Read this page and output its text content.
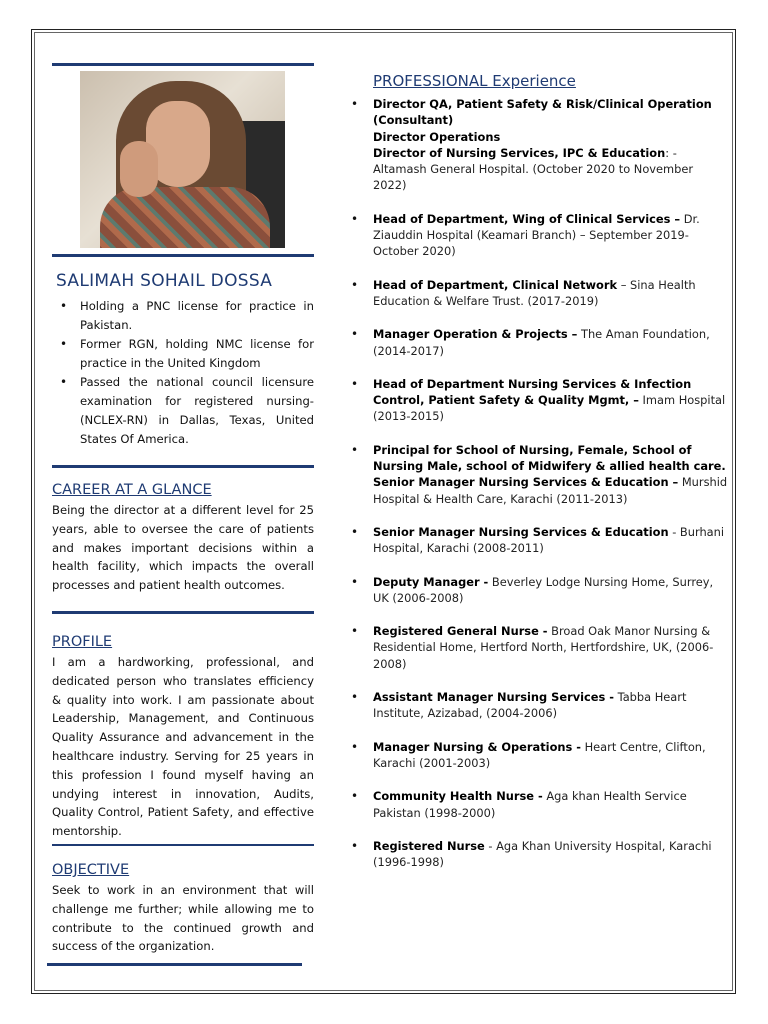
SALIMAH SOHAIL DOSSA
• Holding a PNC license for practice in Pakistan.
• Former RGN, holding NMC license for practice in the United Kingdom
• Passed the national council licensure examination for registered nursing-(NCLEX-RN) in Dallas, Texas, United States Of America.
CAREER AT A GLANCE

Being the director at a different level for 25 years, able to oversee the care of patients and makes important decisions within a health facility, which impacts the overall processes and patient health outcomes.

PROFILE

I am a hardworking, professional, and dedicated person who translates efficiency & quality into work. I am passionate about Leadership, Management, and Continuous Quality Assurance and advancement in the healthcare industry. Serving for 25 years in this profession I found myself having an undying interest in innovation, Audits, Quality Control, Patient Safety, and effective mentorship.

OBJECTIVE

Seek to work in an environment that will challenge me further; while allowing me to contribute to the continued growth and success of the organization.

PROFESSIONAL Experience
• Director QA, Patient Safety & Risk/Clinical Operation (Consultant)
Director Operations
Director of Nursing Services, IPC & Education: - Altamash General Hospital. (October 2020 to November 2022)
• Head of Department, Wing of Clinical Services – Dr. Ziauddin Hospital (Keamari Branch) – September 2019-October 2020)
• Head of Department, Clinical Network – Sina Health Education & Welfare Trust. (2017-2019)
• Manager Operation & Projects – The Aman Foundation, (2014-2017)
• Head of Department Nursing Services & Infection Control, Patient Safety & Quality Mgmt, – Imam Hospital (2013-2015)
• Principal for School of Nursing, Female, School of Nursing Male, school of Midwifery & allied health care.
Senior Manager Nursing Services & Education – Murshid Hospital & Health Care, Karachi (2011-2013)
• Senior Manager Nursing Services & Education - Burhani Hospital, Karachi (2008-2011)
• Deputy Manager - Beverley Lodge Nursing Home, Surrey, UK (2006-2008)
• Registered General Nurse - Broad Oak Manor Nursing & Residential Home, Hertford North, Hertfordshire, UK, (2006-2008)
• Assistant Manager Nursing Services - Tabba Heart Institute, Azizabad, (2004-2006)
• Manager Nursing & Operations - Heart Centre, Clifton, Karachi (2001-2003)
• Community Health Nurse - Aga khan Health Service Pakistan (1998-2000)
• Registered Nurse - Aga Khan University Hospital, Karachi (1996-1998)
